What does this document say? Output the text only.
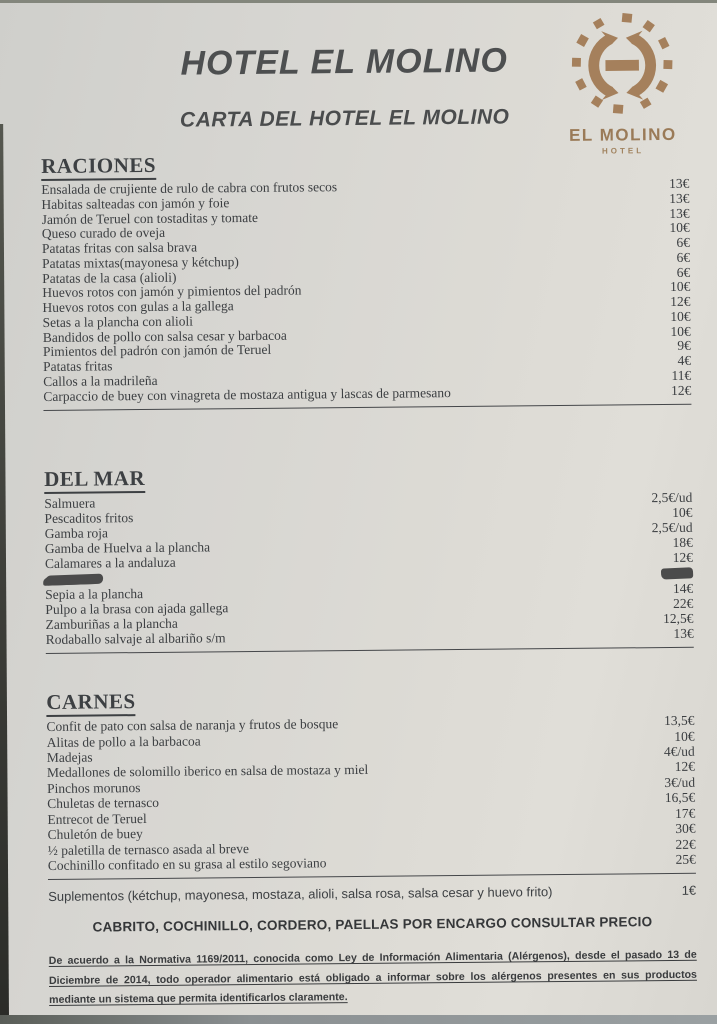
EL MOLINO
HOTEL
HOTEL EL MOLINO
CARTA DEL HOTEL EL MOLINO
RACIONES
Ensalada de crujiente de rulo de cabra con frutos secos	13€
Habitas salteadas con jamón y foie	13€
Jamón de Teruel con tostaditas y tomate	13€
Queso curado de oveja	10€
Patatas fritas con salsa brava	6€
Patatas mixtas(mayonesa y kétchup)	6€
Patatas de la casa (alioli)	6€
Huevos rotos con jamón y pimientos del padrón	10€
Huevos rotos con gulas a la gallega	12€
Setas a la plancha con alioli	10€
Bandidos de pollo con salsa cesar y barbacoa	10€
Pimientos del padrón con jamón de Teruel	9€
Patatas fritas	4€
Callos a la madrileña	11€
Carpaccio de buey con vinagreta de mostaza antigua y lascas de parmesano	12€
DEL MAR
Salmuera	2,5€/ud
Pescaditos fritos	10€
Gamba roja	2,5€/ud
Gamba de Huelva a la plancha	18€
Calamares a la andaluza	12€
Sepia a la plancha	14€
Pulpo a la brasa con ajada gallega	22€
Zamburiñas a la plancha	12,5€
Rodaballo salvaje al albariño s/m	13€
CARNES
Confit de pato con salsa de naranja y frutos de bosque	13,5€
Alitas de pollo a la barbacoa	10€
Madejas	4€/ud
Medallones de solomillo iberico en salsa de mostaza y miel	12€
Pinchos morunos	3€/ud
Chuletas de ternasco	16,5€
Entrecot de Teruel	17€
Chuletón de buey	30€
½ paletilla de ternasco asada al breve	22€
Cochinillo confitado en su grasa al estilo segoviano	25€
Suplementos (kétchup, mayonesa, mostaza, alioli, salsa rosa, salsa cesar y huevo frito)	1€
CABRITO, COCHINILLO, CORDERO, PAELLAS POR ENCARGO CONSULTAR PRECIO
De acuerdo a la Normativa 1169/2011, conocida como Ley de Información Alimentaria (Alérgenos), desde el pasado 13 de Diciembre de 2014, todo operador alimentario está obligado a informar sobre los alérgenos presentes en sus productos mediante un sistema que permita identificarlos claramente.
